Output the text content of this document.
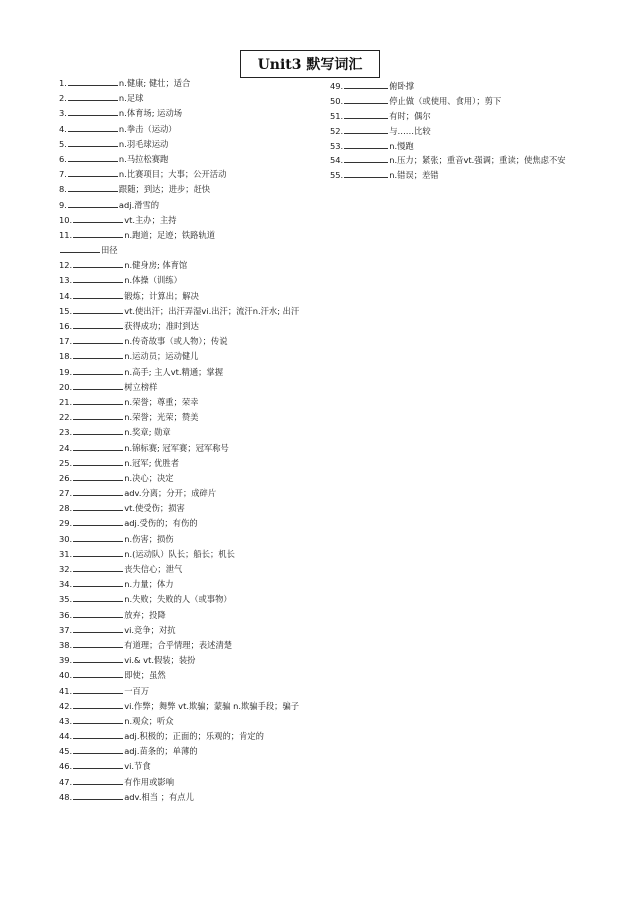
Unit3 默写词汇
1.	n.健康; 健壮；适合
2.	n.足球
3.	n.体育场; 运动场
4.	n.拳击（运动）
5.	n.羽毛球运动
6.	n.马拉松赛跑
7.	n.比赛项目；大事；公开活动
8.	跟随；到达；进步；赶快
9.	adj.滑雪的
10.	vt.主办；主持
11.	n.跑道；足迹；铁路轨道
田径
12.	n.健身房; 体育馆
13.	n.体操（训练）
14.	锻炼；计算出；解决
15.	vt.使出汗；出汗弄湿vi.出汗；流汗n.汗水; 出汗
16.	获得成功；准时到达
17.	n.传奇故事（或人物）；传说
18.	n.运动员；运动健儿
19.	n.高手; 主人vt.精通；掌握
20.	树立榜样
21.	n.荣誉；尊重；荣幸
22.	n.荣誉；光荣；赞美
23.	n.奖章; 勋章
24.	n.锦标赛; 冠军赛；冠军称号
25.	n.冠军; 优胜者
26.	n.决心；决定
27.	adv.分离；分开；成碎片
28.	vt.使受伤；损害
29.	adj.受伤的；有伤的
30.	n.伤害；损伤
31.	n.(运动队）队长；船长；机长
32.	丧失信心；泄气
34.	n.力量；体力
35.	n.失败；失败的人（或事物）
36.	放弃；投降
37.	vi.竞争；对抗
38.	有道理；合乎情理；表述清楚
39.	vi.& vt.假装；装扮
40.	即使；虽然
41.	一百万
42.	vi.作弊；舞弊 vt.欺骗；蒙骗 n.欺骗手段；骗子
43.	n.观众；听众
44.	adj.积极的；正面的；乐观的；肯定的
45.	adj.苗条的；单薄的
46.	vi.节食
47.	有作用或影响
48.	adv.相当 ；有点儿
49.	俯卧撑
50.	停止做（或使用、食用）；剪下
51.	有时；偶尔
52.	与……比较
53.	n.慢跑
54.	n.压力；紧张；重音vt.强调；重读；使焦虑不安
55.	n.错误；差错
